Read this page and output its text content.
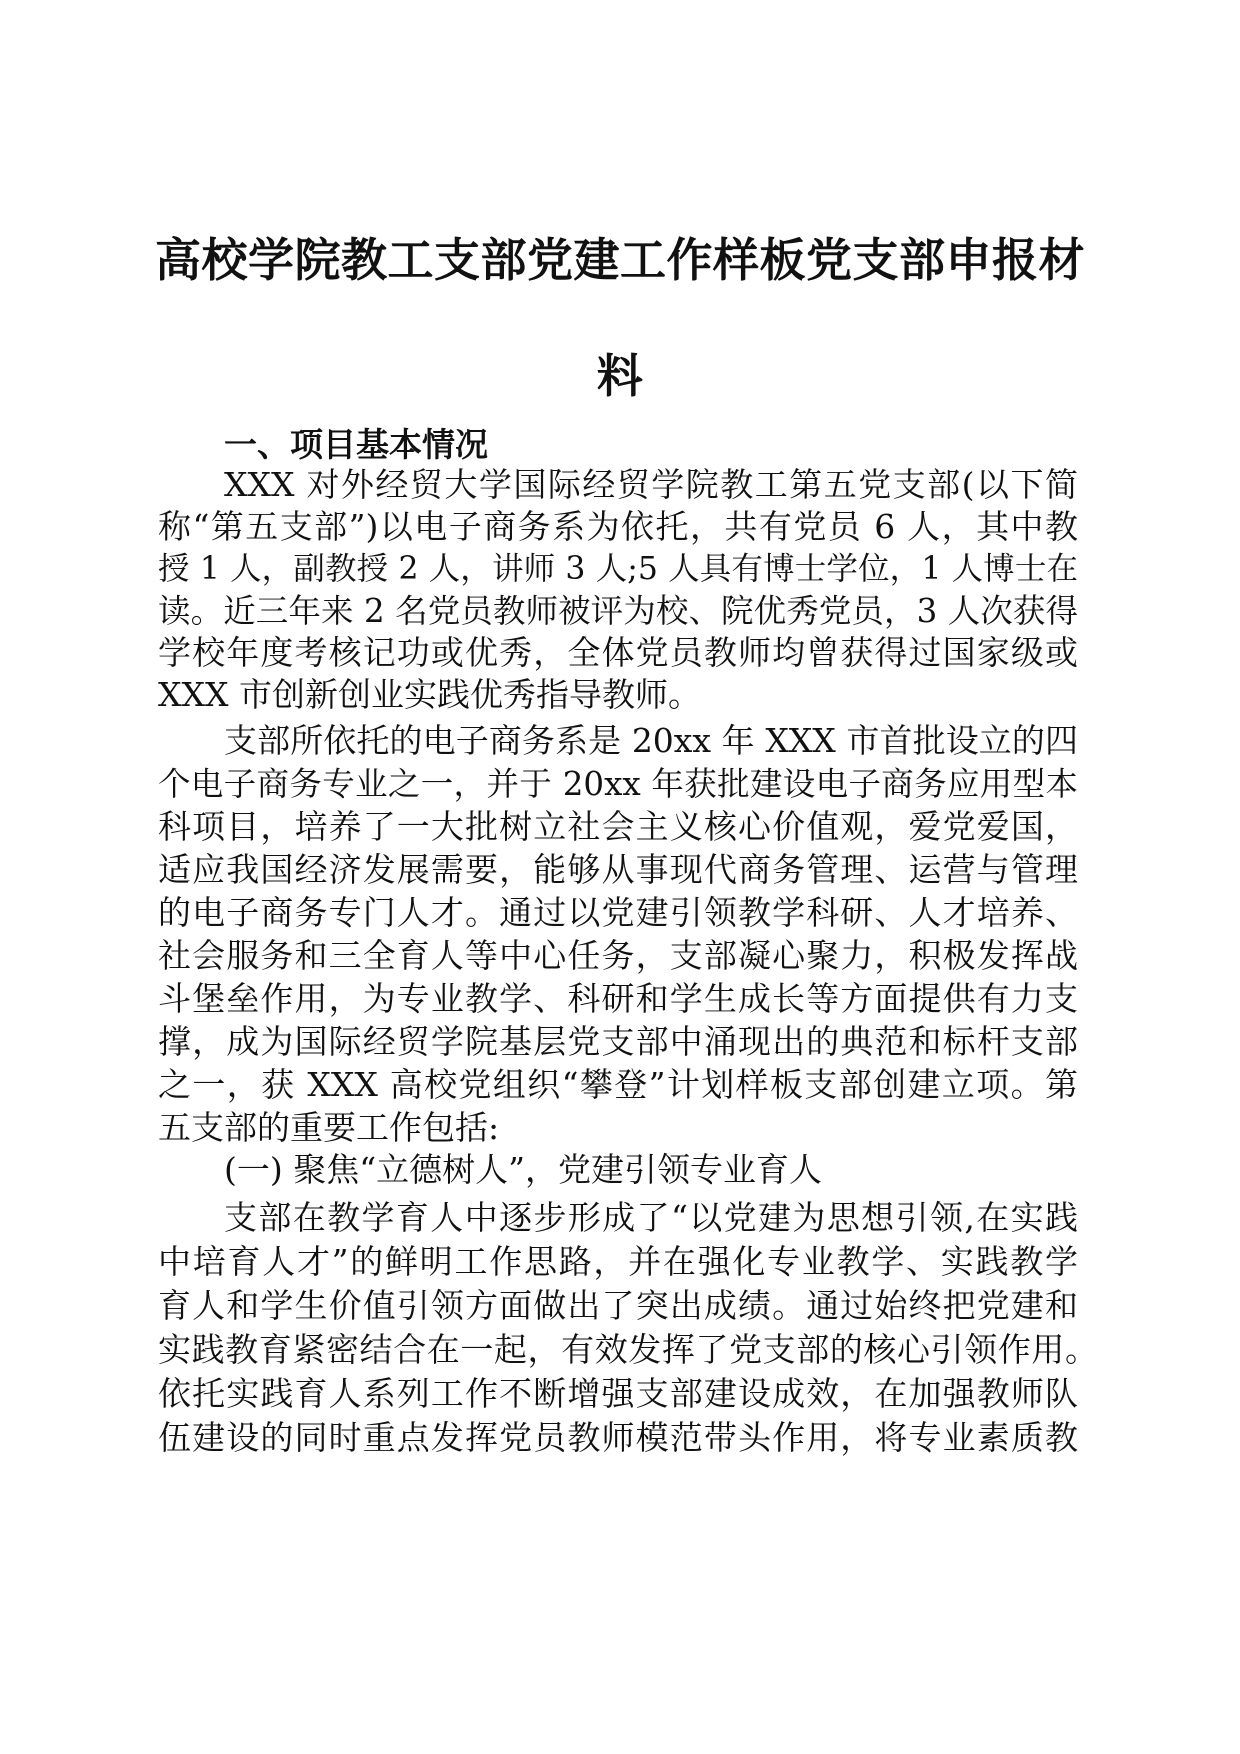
高校学院教工支部党建工作样板党支部申报材
料

一、项目基本情况

XXX 对外经贸大学国际经贸学院教工第五党支部(以下简

称“第五支部”)以电子商务系为依托，共有党员 6 人，其中教

授 1 人，副教授 2 人，讲师 3 人;5 人具有博士学位，1 人博士在

读。近三年来 2 名党员教师被评为校、院优秀党员，3 人次获得

学校年度考核记功或优秀，全体党员教师均曾获得过国家级或

XXX 市创新创业实践优秀指导教师。

支部所依托的电子商务系是 20xx 年 XXX 市首批设立的四

个电子商务专业之一，并于 20xx 年获批建设电子商务应用型本

科项目，培养了一大批树立社会主义核心价值观，爱党爱国，

适应我国经济发展需要，能够从事现代商务管理、运营与管理

的电子商务专门人才。通过以党建引领教学科研、人才培养、

社会服务和三全育人等中心任务，支部凝心聚力，积极发挥战

斗堡垒作用，为专业教学、科研和学生成长等方面提供有力支

撑，成为国际经贸学院基层党支部中涌现出的典范和标杆支部

之一，获 XXX 高校党组织“攀登”计划样板支部创建立项。第

五支部的重要工作包括:

(一) 聚焦“立德树人”，党建引领专业育人

支部在教学育人中逐步形成了“以党建为思想引领,在实践

中培育人才”的鲜明工作思路，并在强化专业教学、实践教学

育人和学生价值引领方面做出了突出成绩。通过始终把党建和

实践教育紧密结合在一起，有效发挥了党支部的核心引领作用。

依托实践育人系列工作不断增强支部建设成效，在加强教师队

伍建设的同时重点发挥党员教师模范带头作用，将专业素质教
